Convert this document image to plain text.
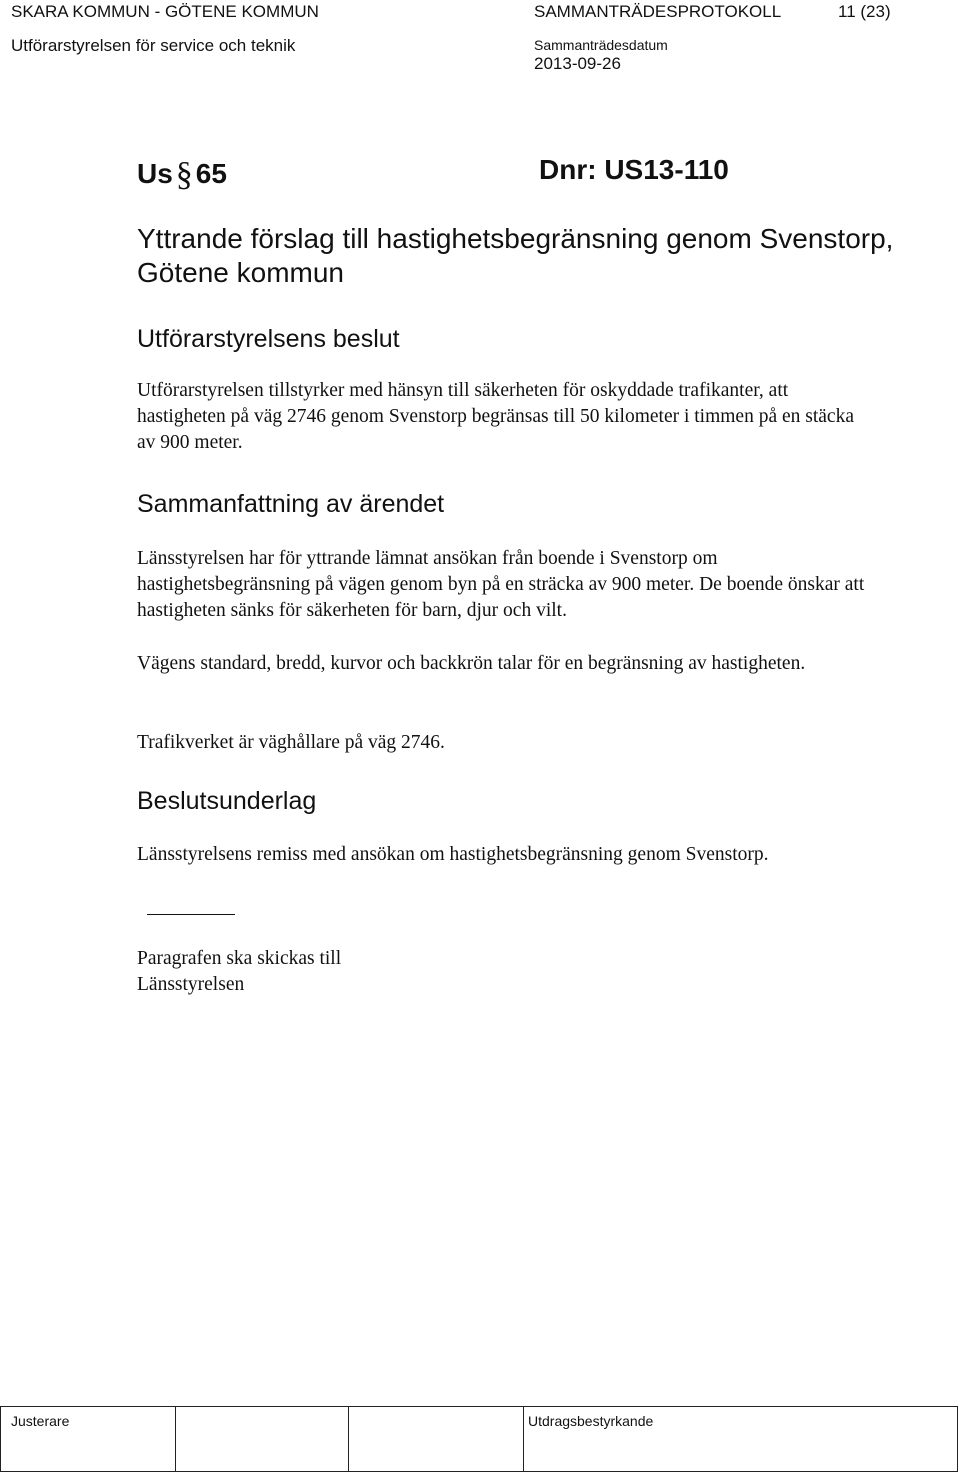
SKARA KOMMUN - GÖTENE KOMMUN	SAMMANTRÄDESPROTOKOLL	11 (23)
Utförarstyrelsen för service och teknik	Sammanträdesdatum
2013-09-26
Us§ 65	Dnr: US13-110
Yttrande förslag till hastighetsbegränsning genom Svenstorp, Götene kommun
Utförarstyrelsens beslut
Utförarstyrelsen tillstyrker med hänsyn till säkerheten för oskyddade trafikanter, att hastigheten på väg 2746 genom Svenstorp begränsas till 50 kilometer i timmen på en stäcka av 900 meter.
Sammanfattning av ärendet
Länsstyrelsen har för yttrande lämnat ansökan från boende i Svenstorp om hastighetsbegränsning på vägen genom byn på en sträcka av 900 meter. De boende önskar att hastigheten sänks för säkerheten för barn, djur och vilt.
Vägens standard, bredd, kurvor och backkrön talar för en begränsning av hastigheten.
Trafikverket är väghållare på väg 2746.
Beslutsunderlag
Länsstyrelsens remiss med ansökan om hastighetsbegränsning genom Svenstorp.
Paragrafen ska skickas till
Länsstyrelsen
Justerare	Utdragsbestyrkande
